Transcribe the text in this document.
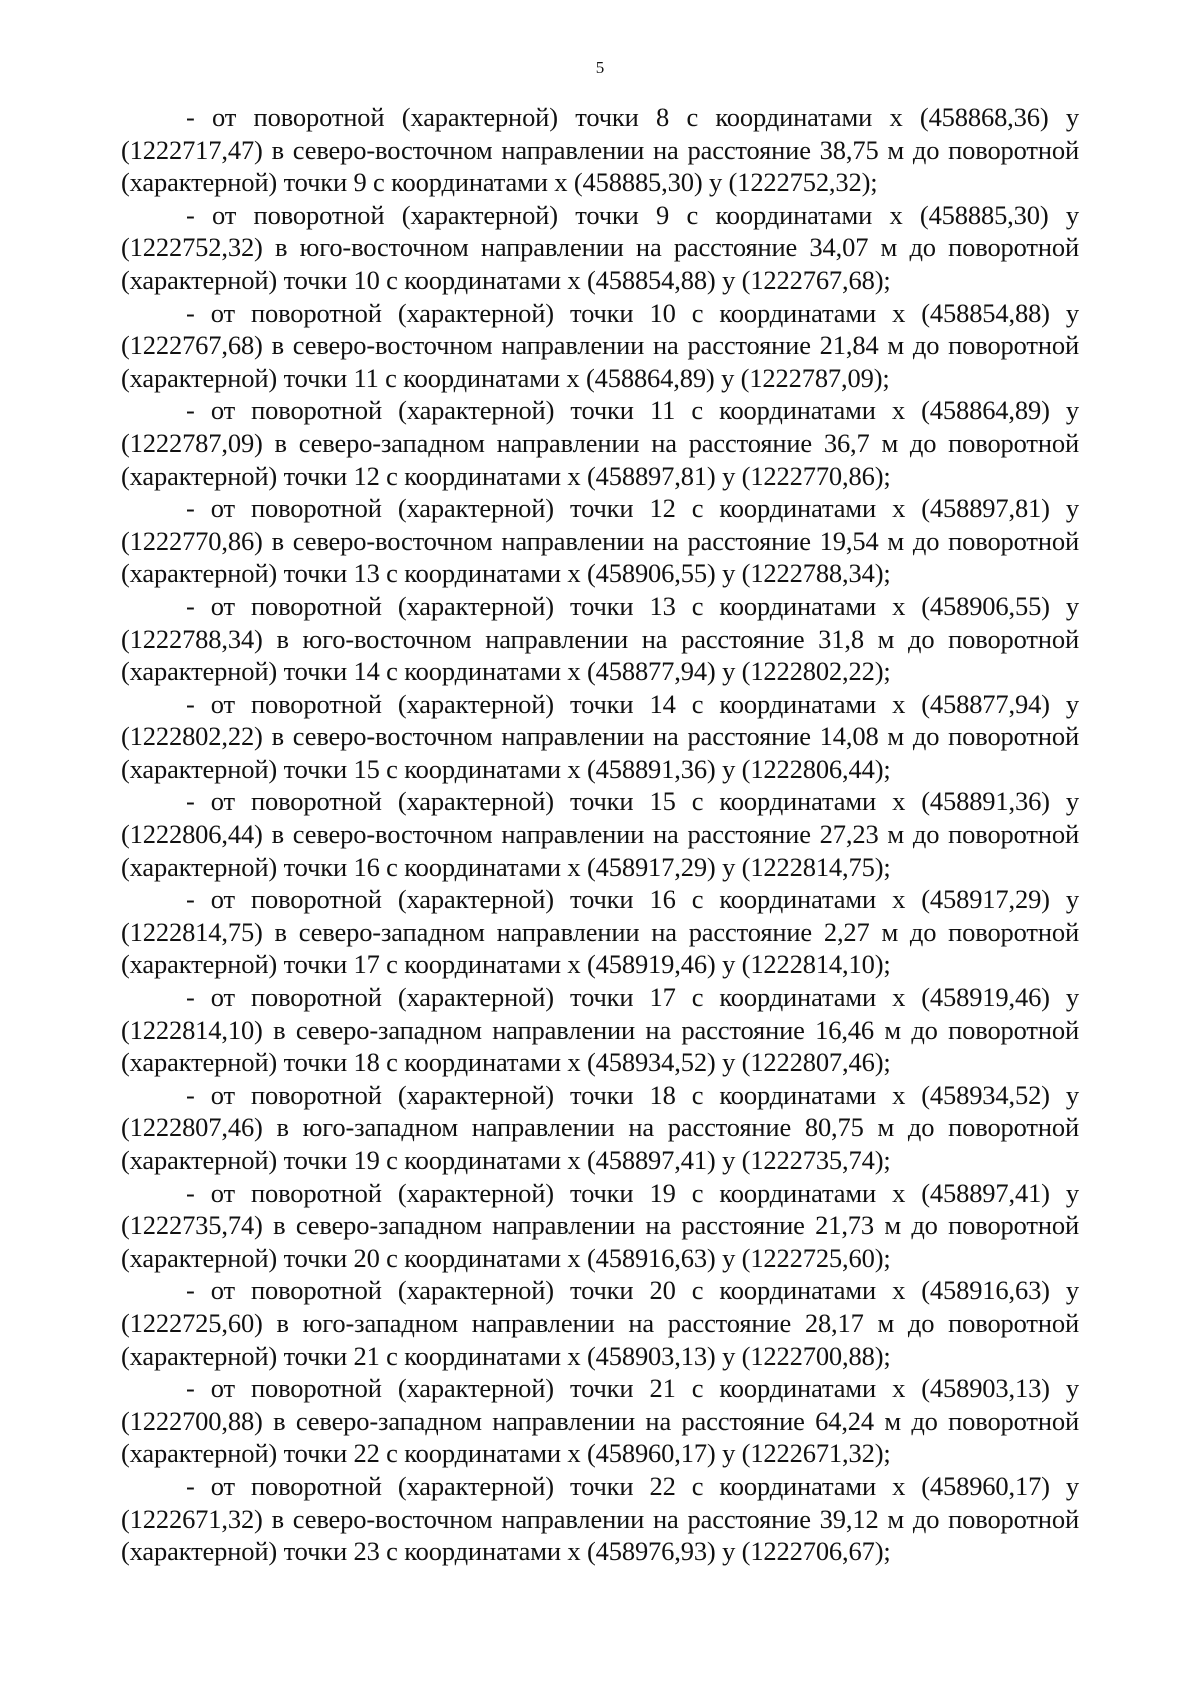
5

- от поворотной (характерной) точки 8 с координатами х (458868,36) у (1222717,47) в северо-восточном направлении на расстояние 38,75 м до поворотной (характерной) точки 9 с координатами х (458885,30) у (1222752,32);

- от поворотной (характерной) точки 9 с координатами х (458885,30) у (1222752,32) в юго-восточном направлении на расстояние 34,07 м до поворотной (характерной) точки 10 с координатами х (458854,88) у (1222767,68);

- от поворотной (характерной) точки 10 с координатами х (458854,88) у (1222767,68) в северо-восточном направлении на расстояние 21,84 м до поворотной (характерной) точки 11 с координатами х (458864,89) у (1222787,09);

- от поворотной (характерной) точки 11 с координатами х (458864,89) у (1222787,09) в северо-западном направлении на расстояние 36,7 м до поворотной (характерной) точки 12 с координатами х (458897,81) у (1222770,86);

- от поворотной (характерной) точки 12 с координатами х (458897,81) у (1222770,86) в северо-восточном направлении на расстояние 19,54 м до поворотной (характерной) точки 13 с координатами х (458906,55) у (1222788,34);

- от поворотной (характерной) точки 13 с координатами х (458906,55) у (1222788,34) в юго-восточном направлении на расстояние 31,8 м до поворотной (характерной) точки 14 с координатами х (458877,94) у (1222802,22);

- от поворотной (характерной) точки 14 с координатами х (458877,94) у (1222802,22) в северо-восточном направлении на расстояние 14,08 м до поворотной (характерной) точки 15 с координатами х (458891,36) у (1222806,44);

- от поворотной (характерной) точки 15 с координатами х (458891,36) у (1222806,44) в северо-восточном направлении на расстояние 27,23 м до поворотной (характерной) точки 16 с координатами х (458917,29) у (1222814,75);

- от поворотной (характерной) точки 16 с координатами х (458917,29) у (1222814,75) в северо-западном направлении на расстояние 2,27 м до поворотной (характерной) точки 17 с координатами х (458919,46) у (1222814,10);

- от поворотной (характерной) точки 17 с координатами х (458919,46) у (1222814,10) в северо-западном направлении на расстояние 16,46 м до поворотной (характерной) точки 18 с координатами х (458934,52) у (1222807,46);

- от поворотной (характерной) точки 18 с координатами х (458934,52) у (1222807,46) в юго-западном направлении на расстояние 80,75 м до поворотной (характерной) точки 19 с координатами х (458897,41) у (1222735,74);

- от поворотной (характерной) точки 19 с координатами х (458897,41) у (1222735,74) в северо-западном направлении на расстояние 21,73 м до поворотной (характерной) точки 20 с координатами х (458916,63) у (1222725,60);

- от поворотной (характерной) точки 20 с координатами х (458916,63) у (1222725,60) в юго-западном направлении на расстояние 28,17 м до поворотной (характерной) точки 21 с координатами х (458903,13) у (1222700,88);

- от поворотной (характерной) точки 21 с координатами х (458903,13) у (1222700,88) в северо-западном направлении на расстояние 64,24 м до поворотной (характерной) точки 22 с координатами х (458960,17) у (1222671,32);

- от поворотной (характерной) точки 22 с координатами х (458960,17) у (1222671,32) в северо-восточном направлении на расстояние 39,12 м до поворотной (характерной) точки 23 с координатами х (458976,93) у (1222706,67);
